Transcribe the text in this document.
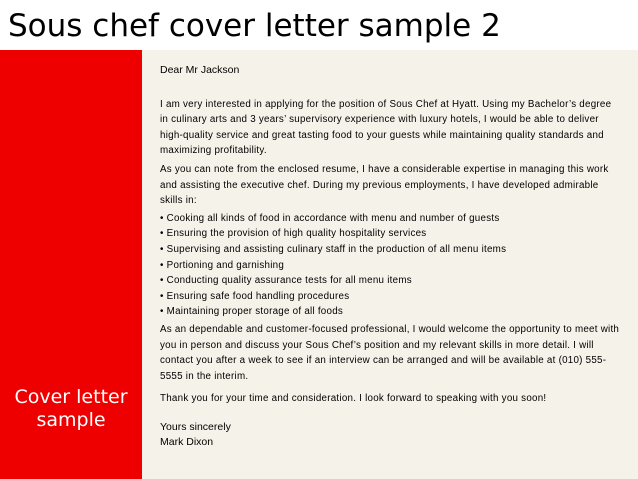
Sous chef cover letter sample 2

Cover letter
sample

Dear Mr Jackson

I am very interested in applying for the position of Sous Chef at Hyatt. Using my Bachelor’s degree in culinary arts and 3 years’ supervisory experience with luxury hotels, I would be able to deliver high-quality service and great tasting food to your guests while maintaining quality standards and maximizing profitability.

As you can note from the enclosed resume, I have a considerable expertise in managing this work and assisting the executive chef. During my previous employments, I have developed admirable skills in:

• Cooking all kinds of food in accordance with menu and number of guests
• Ensuring the provision of high quality hospitality services
• Supervising and assisting culinary staff in the production of all menu items
• Portioning and garnishing
• Conducting quality assurance tests for all menu items
• Ensuring safe food handling procedures
• Maintaining proper storage of all foods

As an dependable and customer-focused professional, I would welcome the opportunity to meet with you in person and discuss your Sous Chef’s position and my relevant skills in more detail. I will contact you after a week to see if an interview can be arranged and will be available at (010) 555-5555 in the interim.

Thank you for your time and consideration. I look forward to speaking with you soon!

Yours sincerely

Mark Dixon
